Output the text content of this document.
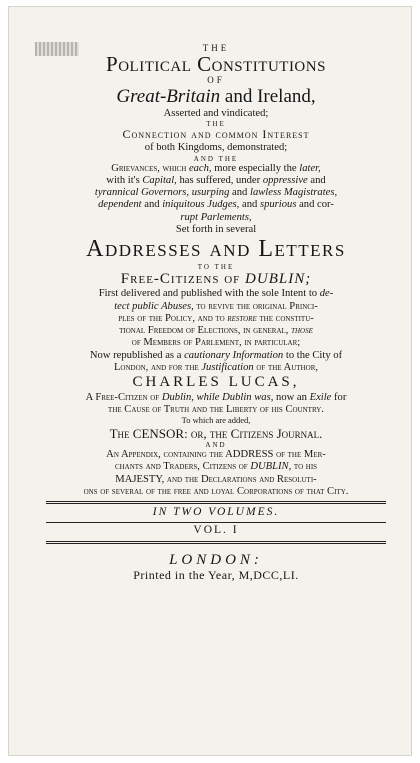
THE
Political Constitutions
OF
Great-Britain and Ireland,
Asserted and vindicated;
THE
Connection and common Interest
of both Kingdoms, demonstrated;
AND THE
Grievances, which each, more especially the later,
with it's Capital, has suffered, under oppressive and
tyrannical Governors, usurping and lawless Magistrates,
dependent and iniquitous Judges, and spurious and cor-
rupt Parlements,
Set forth in several
Addresses and Letters
TO THE
Free-Citizens of DUBLIN;
First delivered and published with the sole Intent to de-
tect public Abuses, to revive the original Princi-
ples of the Policy, and to restore the constitu-
tional Freedom of Elections, in general, those
of Members of Parlement, in particular;
Now republished as a cautionary Information to the City of
London, and for the Justification of the Author,
CHARLES LUCAS,
A Free-Citizen of Dublin, while Dublin was, now an Exile for
the Cause of Truth and the Liberty of his Country.
To which are added,
The CENSOR: or, the Citizens Journal.
AND
An Appendix, containing the ADDRESS of the Mer-
chants and Traders, Citizens of DUBLIN, to his
MAJESTY, and the Declarations and Resoluti-
ons of several of the free and loyal Corporations of that City.
IN TWO VOLUMES.
VOL. I
LONDON:
Printed in the Year, M,DCC,LI.
